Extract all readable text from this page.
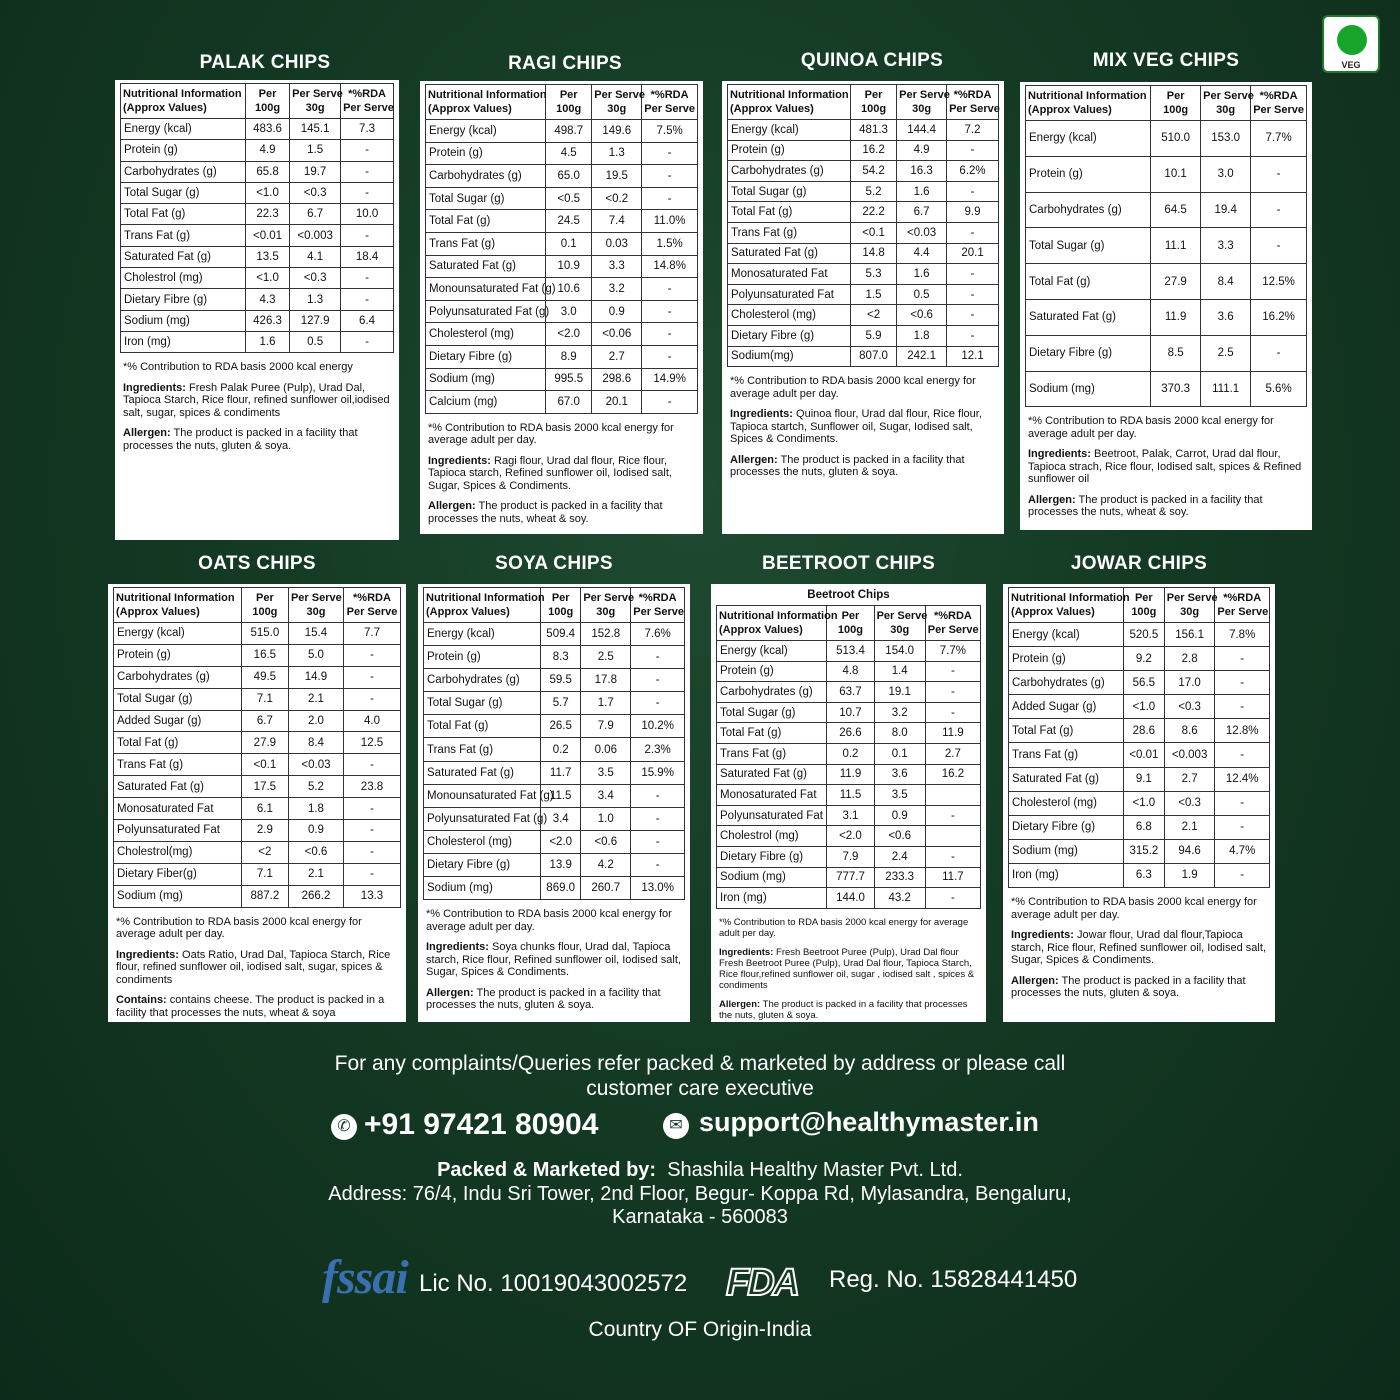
VEG
PALAK CHIPS
Nutritional Information
(Approx Values)	Per
100g	Per Serve
30g	*%RDA
Per Serve
Energy (kcal)	483.6	145.1	7.3
Protein (g)	4.9	1.5	-
Carbohydrates (g)	65.8	19.7	-
Total Sugar (g)	<1.0	<0.3	-
Total Fat (g)	22.3	6.7	10.0
Trans Fat (g)	<0.01	<0.003	-
Saturated Fat (g)	13.5	4.1	18.4
Cholestrol (mg)	<1.0	<0.3	-
Dietary Fibre (g)	4.3	1.3	-
Sodium (mg)	426.3	127.9	6.4
Iron (mg)	1.6	0.5	-
*% Contribution to RDA basis 2000 kcal energy
Ingredients: Fresh Palak Puree (Pulp), Urad Dal, Tapioca Starch, Rice flour, refined sunflower oil,iodised salt, sugar, spices & condiments
Allergen: The product is packed in a facility that processes the nuts, gluten & soya.
RAGI CHIPS
Nutritional Information
(Approx Values)	Per
100g	Per Serve
30g	*%RDA
Per Serve
Energy (kcal)	498.7	149.6	7.5%
Protein (g)	4.5	1.3	-
Carbohydrates (g)	65.0	19.5	-
Total Sugar (g)	<0.5	<0.2	-
Total Fat (g)	24.5	7.4	11.0%
Trans Fat (g)	0.1	0.03	1.5%
Saturated Fat (g)	10.9	3.3	14.8%
Monounsaturated Fat (g)	10.6	3.2	-
Polyunsaturated Fat (g)	3.0	0.9	-
Cholesterol (mg)	<2.0	<0.06	-
Dietary Fibre (g)	8.9	2.7	-
Sodium (mg)	995.5	298.6	14.9%
Calcium (mg)	67.0	20.1	-
*% Contribution to RDA basis 2000 kcal energy for average adult per day.
Ingredients: Ragi flour, Urad dal flour, Rice flour, Tapioca starch, Refined sunflower oil, Iodised salt, Sugar, Spices & Condiments.
Allergen: The product is packed in a facility that processes the nuts, wheat & soy.
QUINOA CHIPS
Nutritional Information
(Approx Values)	Per
100g	Per Serve
30g	*%RDA
Per Serve
Energy (kcal)	481.3	144.4	7.2
Protein (g)	16.2	4.9	-
Carbohydrates (g)	54.2	16.3	6.2%
Total Sugar (g)	5.2	1.6	-
Total Fat (g)	22.2	6.7	9.9
Trans Fat (g)	<0.1	<0.03	-
Saturated Fat (g)	14.8	4.4	20.1
Monosaturated Fat	5.3	1.6	-
Polyunsaturated Fat	1.5	0.5	-
Cholesterol (mg)	<2	<0.6	-
Dietary Fibre (g)	5.9	1.8	-
Sodium(mg)	807.0	242.1	12.1
*% Contribution to RDA basis 2000 kcal energy for average adult per day.
Ingredients: Quinoa flour, Urad dal flour, Rice flour, Tapioca startch, Sunflower oil, Sugar, Iodised salt, Spices & Condiments.
Allergen: The product is packed in a facility that processes the nuts, gluten & soya.
MIX VEG CHIPS
Nutritional Information
(Approx Values)	Per
100g	Per Serve
30g	*%RDA
Per Serve
Energy (kcal)	510.0	153.0	7.7%
Protein (g)	10.1	3.0	-
Carbohydrates (g)	64.5	19.4	-
Total Sugar (g)	11.1	3.3	-
Total Fat (g)	27.9	8.4	12.5%
Saturated Fat (g)	11.9	3.6	16.2%
Dietary Fibre (g)	8.5	2.5	-
Sodium (mg)	370.3	111.1	5.6%
*% Contribution to RDA basis 2000 kcal energy for average adult per day.
Ingredients: Beetroot, Palak, Carrot, Urad dal flour, Tapioca strach, Rice flour, Iodised salt, spices & Refined sunflower oil
Allergen: The product is packed in a facility that processes the nuts, wheat & soy.
OATS CHIPS
Nutritional Information
(Approx Values)	Per
100g	Per Serve
30g	*%RDA
Per Serve
Energy (kcal)	515.0	15.4	7.7
Protein (g)	16.5	5.0	-
Carbohydrates (g)	49.5	14.9	-
Total Sugar (g)	7.1	2.1	-
Added Sugar (g)	6.7	2.0	4.0
Total Fat (g)	27.9	8.4	12.5
Trans Fat (g)	<0.1	<0.03	-
Saturated Fat (g)	17.5	5.2	23.8
Monosaturated Fat	6.1	1.8	-
Polyunsaturated Fat	2.9	0.9	-
Cholestrol(mg)	<2	<0.6	-
Dietary Fiber(g)	7.1	2.1	-
Sodium (mg)	887.2	266.2	13.3
*% Contribution to RDA basis 2000 kcal energy for average adult per day.
Ingredients: Oats Ratio, Urad Dal, Tapioca Starch, Rice flour, refined sunflower oil, iodised salt, sugar, spices & condiments
Contains: contains cheese. The product is packed in a facility that processes the nuts, wheat & soya
SOYA CHIPS
Nutritional Information
(Approx Values)	Per
100g	Per Serve
30g	*%RDA
Per Serve
Energy (kcal)	509.4	152.8	7.6%
Protein (g)	8.3	2.5	-
Carbohydrates (g)	59.5	17.8	-
Total Sugar (g)	5.7	1.7	-
Total Fat (g)	26.5	7.9	10.2%
Trans Fat (g)	0.2	0.06	2.3%
Saturated Fat (g)	11.7	3.5	15.9%
Monounsaturated Fat (g)	11.5	3.4	-
Polyunsaturated Fat (g)	3.4	1.0	-
Cholesterol (mg)	<2.0	<0.6	-
Dietary Fibre (g)	13.9	4.2	-
Sodium (mg)	869.0	260.7	13.0%
*% Contribution to RDA basis 2000 kcal energy for average adult per day.
Ingredients: Soya chunks flour, Urad dal, Tapioca starch, Rice flour, Refined sunflower oil, Iodised salt, Sugar, Spices & Condiments.
Allergen: The product is packed in a facility that processes the nuts, gluten & soya.
BEETROOT CHIPS
Beetroot Chips
Nutritional Information
(Approx Values)	Per
100g	Per Serve
30g	*%RDA
Per Serve
Energy (kcal)	513.4	154.0	7.7%
Protein (g)	4.8	1.4	-
Carbohydrates (g)	63.7	19.1	-
Total Sugar (g)	10.7	3.2	-
Total Fat (g)	26.6	8.0	11.9
Trans Fat (g)	0.2	0.1	2.7
Saturated Fat (g)	11.9	3.6	16.2
Monosaturated Fat	11.5	3.5	
Polyunsaturated Fat	3.1	0.9	-
Cholestrol (mg)	<2.0	<0.6	
Dietary Fibre (g)	7.9	2.4	-
Sodium (mg)	777.7	233.3	11.7
Iron (mg)	144.0	43.2	-
*% Contribution to RDA basis 2000 kcal energy for average adult per day.
Ingredients: Fresh Beetroot Puree (Pulp), Urad Dal flour Fresh Beetroot Puree (Pulp), Urad Dal flour, Tapioca Starch, Rice flour,refined sunflower oil, sugar , iodised salt , spices & condiments
Allergen: The product is packed in a facility that processes the nuts, gluten & soya.
JOWAR CHIPS
Nutritional Information
(Approx Values)	Per
100g	Per Serve
30g	*%RDA
Per Serve
Energy (kcal)	520.5	156.1	7.8%
Protein (g)	9.2	2.8	-
Carbohydrates (g)	56.5	17.0	-
Added Sugar (g)	<1.0	<0.3	-
Total Fat (g)	28.6	8.6	12.8%
Trans Fat (g)	<0.01	<0.003	-
Saturated Fat (g)	9.1	2.7	12.4%
Cholesterol (mg)	<1.0	<0.3	-
Dietary Fibre (g)	6.8	2.1	-
Sodium (mg)	315.2	94.6	4.7%
Iron (mg)	6.3	1.9	-
*% Contribution to RDA basis 2000 kcal energy for average adult per day.
Ingredients: Jowar flour, Urad dal flour,Tapioca starch, Rice flour, Refined sunflower oil, Iodised salt, Sugar, Spices & Condiments.
Allergen: The product is packed in a facility that processes the nuts, gluten & soya.
For any complaints/Queries refer packed & marketed by address or please call
customer care executive
✆ +91 97421 80904	✉ support@healthymaster.in
Packed & Marketed by: Shashila Healthy Master Pvt. Ltd.
Address: 76/4, Indu Sri Tower, 2nd Floor, Begur- Koppa Rd, Mylasandra, Bengaluru,
Karnataka - 560083
fssai Lic No. 10019043002572 FDA Reg. No. 15828441450
Country OF Origin-India
